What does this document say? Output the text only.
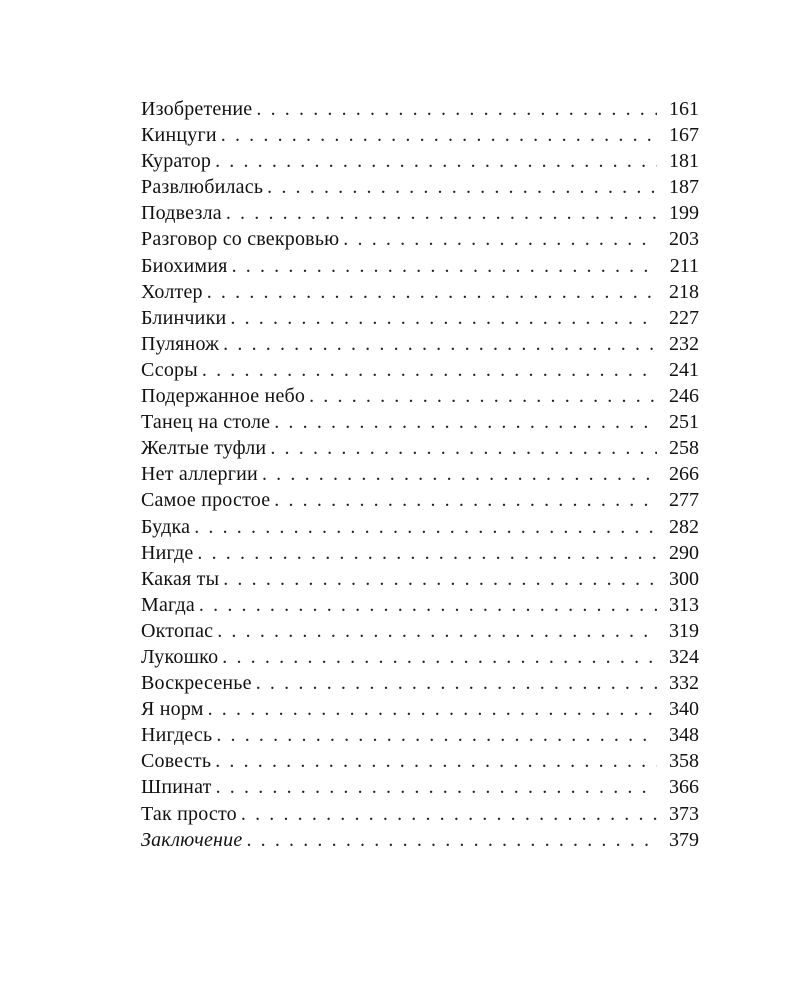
Изобретение . . .	161
Кинцуги . . .	167
Куратор . . .	181
Развлюбилась . . .	187
Подвезла . . .	199
Разговор со свекровью . . .	203
Биохимия . . .	211
Холтер . . .	218
Блинчики . . .	227
Пулянож . . .	232
Ссоры . . .	241
Подержанное небо . . .	246
Танец на столе . . .	251
Желтые туфли . . .	258
Нет аллергии . . .	266
Самое простое . . .	277
Будка . . .	282
Нигде . . .	290
Какая ты . . .	300
Магда . . .	313
Октопас . . .	319
Лукошко . . .	324
Воскресенье . . .	332
Я норм . . .	340
Нигдесь . . .	348
Совесть . . .	358
Шпинат . . .	366
Так просто . . .	373
Заключение . . .	379
